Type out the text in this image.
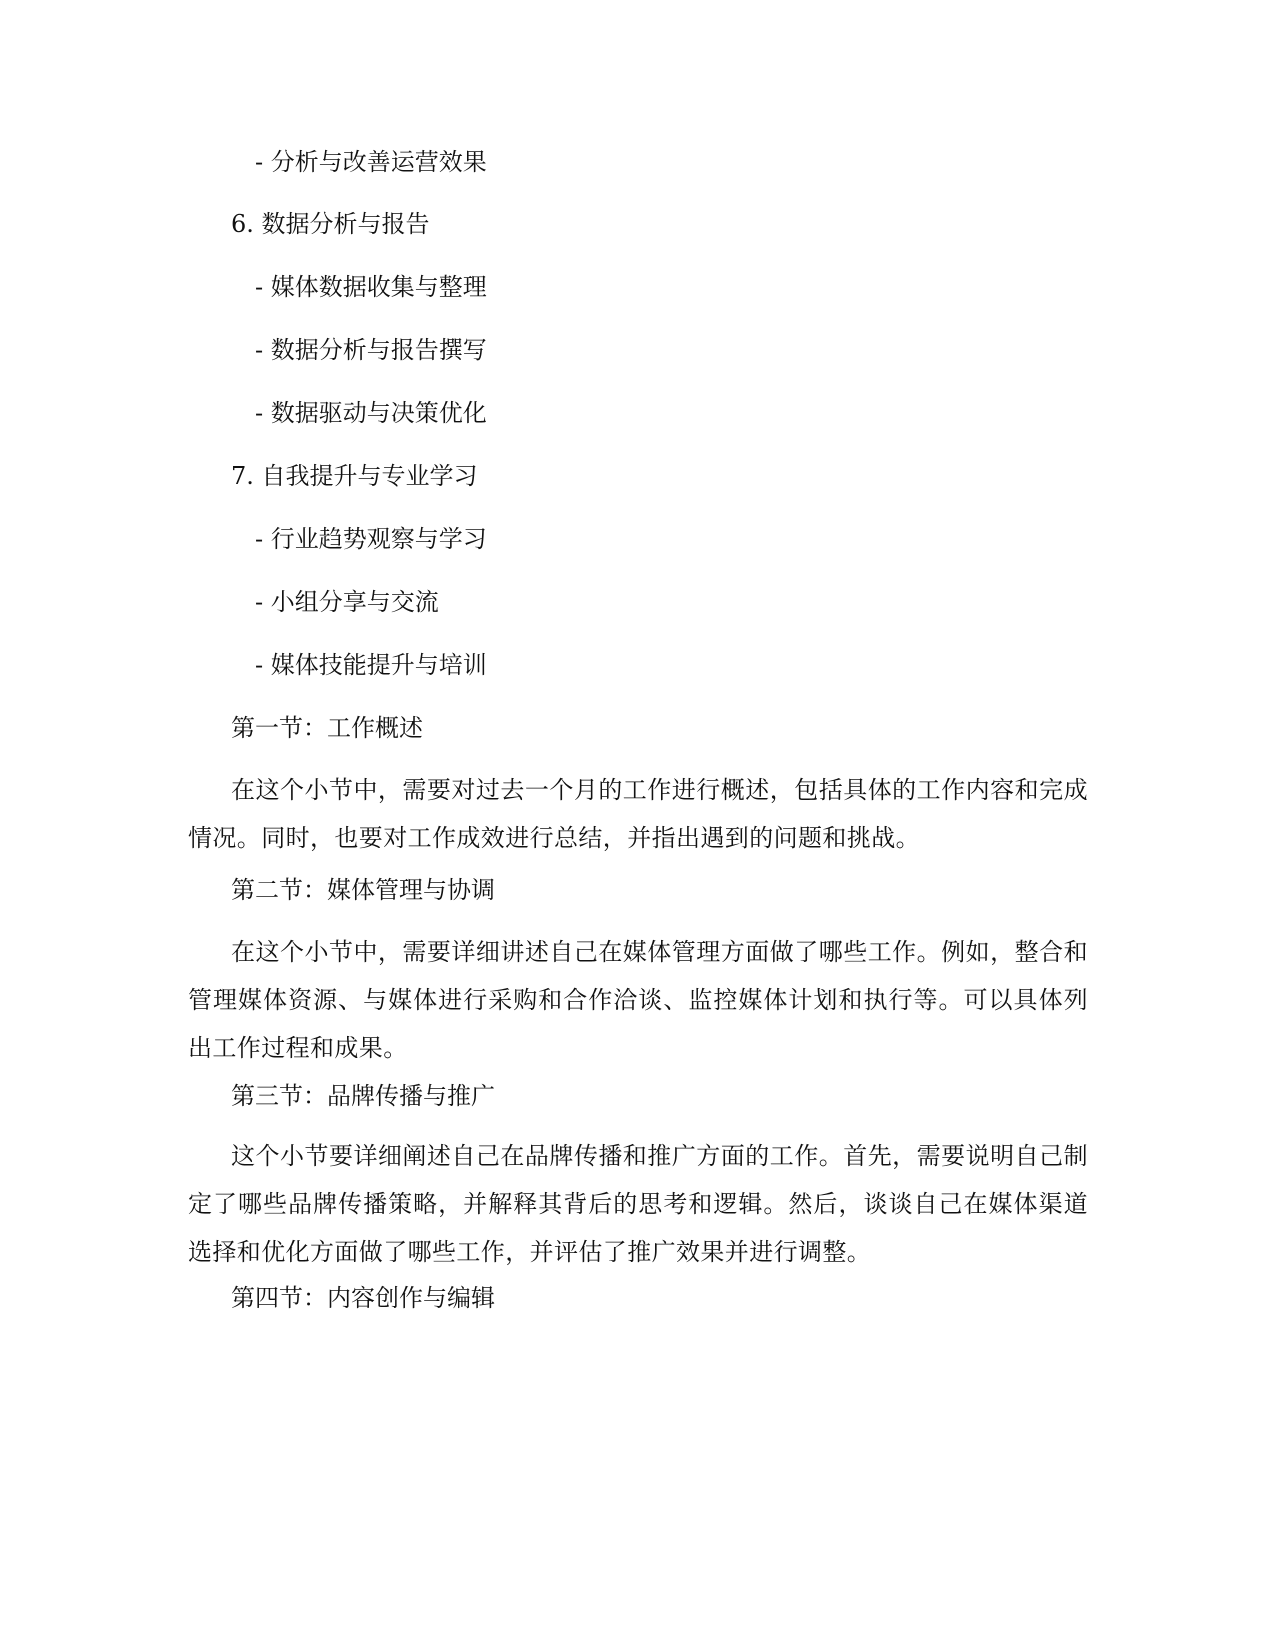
- 分析与改善运营效果
6. 数据分析与报告
- 媒体数据收集与整理
- 数据分析与报告撰写
- 数据驱动与决策优化
7. 自我提升与专业学习
- 行业趋势观察与学习
- 小组分享与交流
- 媒体技能提升与培训
第一节：工作概述
在这个小节中，需要对过去一个月的工作进行概述，包括具体的工作内容和完成情况。同时，也要对工作成效进行总结，并指出遇到的问题和挑战。
第二节：媒体管理与协调
在这个小节中，需要详细讲述自己在媒体管理方面做了哪些工作。例如，整合和管理媒体资源、与媒体进行采购和合作洽谈、监控媒体计划和执行等。可以具体列出工作过程和成果。
第三节：品牌传播与推广
这个小节要详细阐述自己在品牌传播和推广方面的工作。首先，需要说明自己制定了哪些品牌传播策略，并解释其背后的思考和逻辑。然后，谈谈自己在媒体渠道选择和优化方面做了哪些工作，并评估了推广效果并进行调整。
第四节：内容创作与编辑
